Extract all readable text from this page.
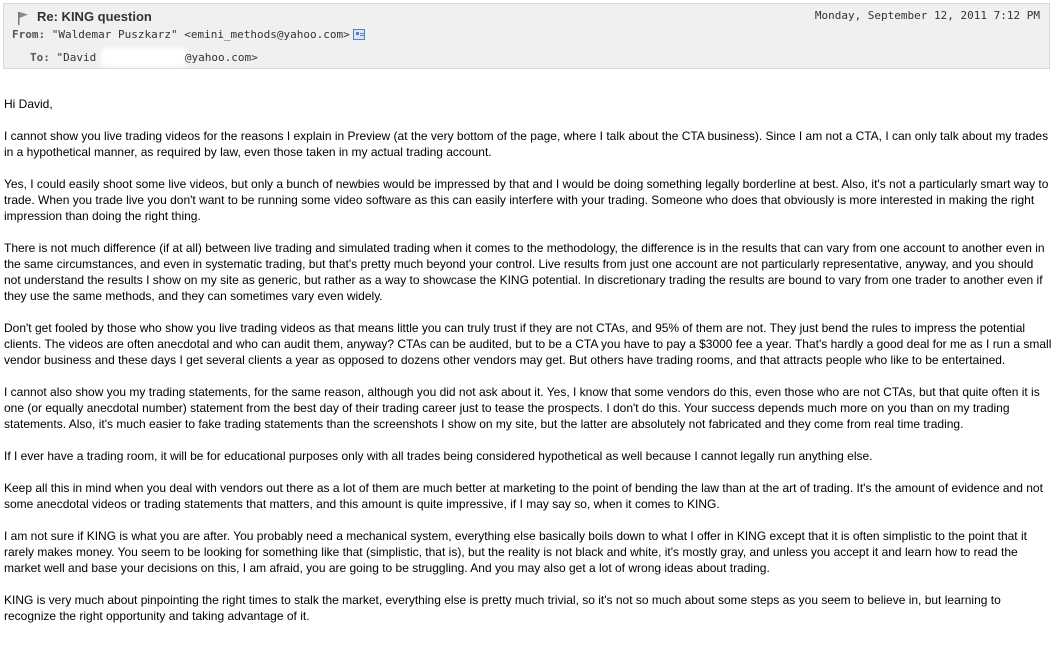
Re: KING question	Monday, September 12, 2011 7:12 PM
From: "Waldemar Puszkarz" <emini_methods@yahoo.com>
To: "David	@yahoo.com>

Hi David,

I cannot show you live trading videos for the reasons I explain in Preview (at the very bottom of the page, where I talk about the CTA business). Since I am not a CTA, I can only talk about my trades in a hypothetical manner, as required by law, even those taken in my actual trading account.

Yes, I could easily shoot some live videos, but only a bunch of newbies would be impressed by that and I would be doing something legally borderline at best. Also, it's not a particularly smart way to trade. When you trade live you don't want to be running some video software as this can easily interfere with your trading. Someone who does that obviously is more interested in making the right impression than doing the right thing.

There is not much difference (if at all) between live trading and simulated trading when it comes to the methodology, the difference is in the results that can vary from one account to another even in the same circumstances, and even in systematic trading, but that's pretty much beyond your control. Live results from just one account are not particularly representative, anyway, and you should not understand the results I show on my site as generic, but rather as a way to showcase the KING potential. In discretionary trading the results are bound to vary from one trader to another even if they use the same methods, and they can sometimes vary even widely.

Don't get fooled by those who show you live trading videos as that means little you can truly trust if they are not CTAs, and 95% of them are not. They just bend the rules to impress the potential clients. The videos are often anecdotal and who can audit them, anyway? CTAs can be audited, but to be a CTA you have to pay a $3000 fee a year. That's hardly a good deal for me as I run a small vendor business and these days I get several clients a year as opposed to dozens other vendors may get. But others have trading rooms, and that attracts people who like to be entertained.

I cannot also show you my trading statements, for the same reason, although you did not ask about it. Yes, I know that some vendors do this, even those who are not CTAs, but that quite often it is one (or equally anecdotal number) statement from the best day of their trading career just to tease the prospects. I don't do this. Your success depends much more on you than on my trading statements. Also, it's much easier to fake trading statements than the screenshots I show on my site, but the latter are absolutely not fabricated and they come from real time trading.

If I ever have a trading room, it will be for educational purposes only with all trades being considered hypothetical as well because I cannot legally run anything else.

Keep all this in mind when you deal with vendors out there as a lot of them are much better at marketing to the point of bending the law than at the art of trading. It's the amount of evidence and not some anecdotal videos or trading statements that matters, and this amount is quite impressive, if I may say so, when it comes to KING.

I am not sure if KING is what you are after. You probably need a mechanical system, everything else basically boils down to what I offer in KING except that it is often simplistic to the point that it rarely makes money. You seem to be looking for something like that (simplistic, that is), but the reality is not black and white, it's mostly gray, and unless you accept it and learn how to read the market well and base your decisions on this, I am afraid, you are going to be struggling. And you may also get a lot of wrong ideas about trading.

KING is very much about pinpointing the right times to stalk the market, everything else is pretty much trivial, so it's not so much about some steps as you seem to believe in, but learning to recognize the right opportunity and taking advantage of it.
